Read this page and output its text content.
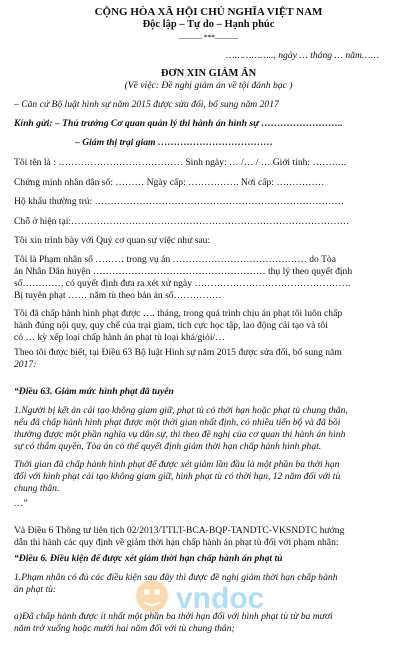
CỘNG HÒA XÃ HỘI CHỦ NGHĨA VIỆT NAM
Độc lập – Tự do – Hạnh phúc
——— ***———
…………….., ngày … tháng … năm……
ĐƠN XIN GIẢM ÁN
(Về việc: Đề nghị giảm án về tội đánh bạc )
– Căn cứ Bộ luật hình sự năm 2015 được sửa đổi, bổ sung năm 2017
Kính gửi: – Thủ trưởng Cơ quan quản lý thi hành án hình sự ……………………..
– Giám thị trại giam ………………………………
Tôi tên là : ………………………………… Sinh ngày: … /… / … Giới tính: ………..
Chứng minh nhân dân số: ……… Ngày cấp: ……………. Nơi cấp: ……………
Hộ khẩu thường trú: ……………………………………………………………………
Chỗ ở hiện tại:……………………………………………………………………………
Tôi xin trình bày với Quý cơ quan sự việc như sau:
Tôi là Phạm nhân số ……… trong vụ án …………………………………… do Tòa
án Nhân Dân huyện ……………………………………………… thụ lý theo quyết định
số…………, có quyết định đưa ra xét xử ngày ………………………………………….
Bị tuyên phạt …… năm tù theo bản án số……………
Tôi đã chấp hành hình phạt được …. tháng, trong quá trình chịu án phạt tôi luôn chấp
hành đúng nội quy, quy chế của trại giam, tích cực học tập, lao động cải tạo và tôi
có … kỳ xếp loại chấp hành án phạt tù loại khá/giỏi/…
Theo tôi được biết, tại Điều 63 Bộ luật Hình sự năm 2015 được sửa đổi, bổ sung năm
2017:
“Điều 63. Giảm mức hình phạt đã tuyên
1.Người bị kết án cải tạo không giam giữ, phạt tù có thời hạn hoặc phạt tù chung thân,
nếu đã chấp hành hình phạt được một thời gian nhất định, có nhiều tiến bộ và đã bồi
thường được một phần nghĩa vụ dân sự, thì theo đề nghị của cơ quan thi hành án hình
sự có thẩm quyền, Tòa án có thể quyết định giảm thời hạn chấp hành hình phạt.
Thời gian đã chấp hành hình phạt để được xét giảm lần đầu là một phần ba thời hạn
đối với hình phạt cải tạo không giam giữ, hình phạt tù có thời hạn, 12 năm đối với tù
chung thân.
…”
Và Điều 6 Thông tư liên tịch 02/2013/TTLT-BCA-BQP-TANDTC-VKSNDTC hướng
dẫn thi hành các quy định về giảm thời hạn chấp hành án phạt tù đối với phạm nhân:
“Điều 6. Điều kiện để được xét giảm thời hạn chấp hành án phạt tù
1.Phạm nhân có đủ các điều kiện sau đây thì được đề nghị giảm thời hạn chấp hành
án phạt tù:
a)Đã chấp hành được ít nhất một phần ba thời hạn đối với hình phạt tù từ ba mươi
năm trở xuống hoặc mười hai năm đối với tù chung thân;
vndoc
